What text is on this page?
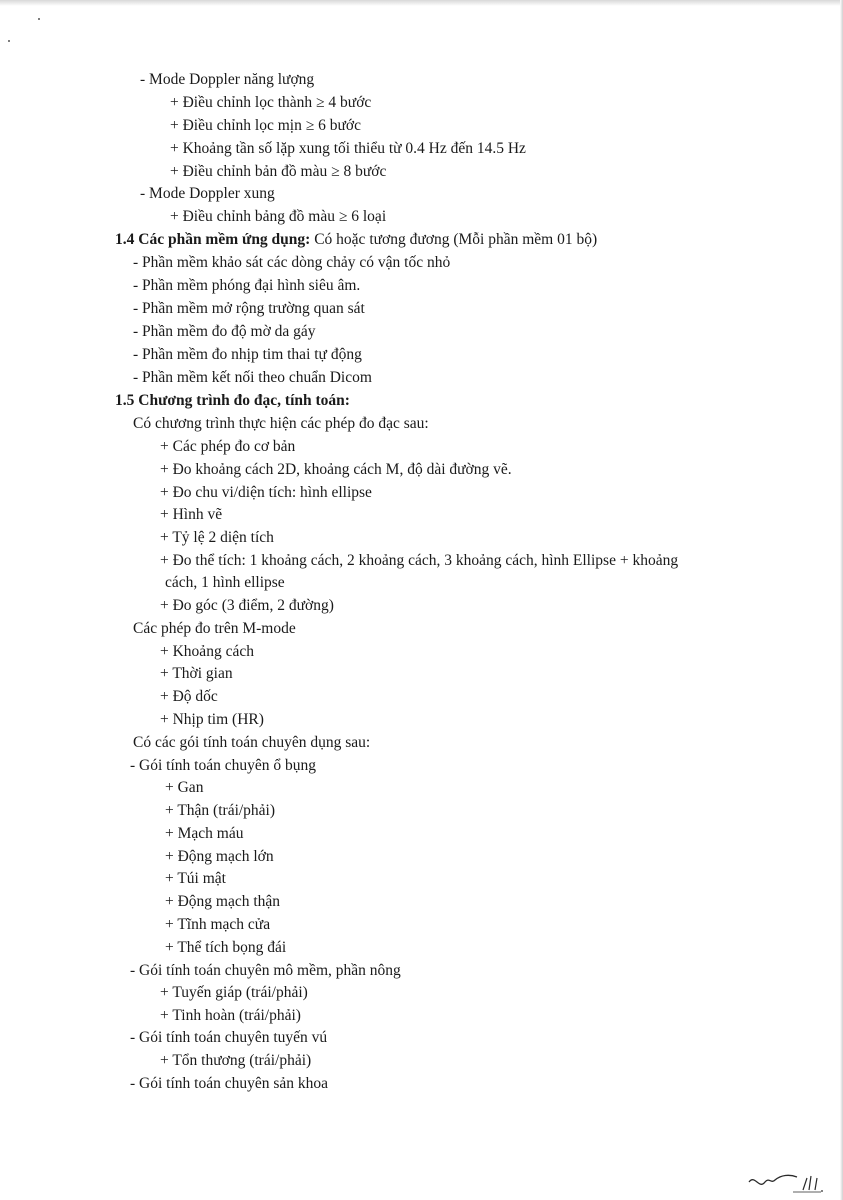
- Mode Doppler năng lượng
+ Điều chỉnh lọc thành ≥ 4 bước
+ Điều chỉnh lọc mịn ≥ 6 bước
+ Khoảng tần số lặp xung tối thiểu từ 0.4 Hz đến 14.5 Hz
+ Điều chỉnh bản đồ màu ≥ 8 bước
- Mode Doppler xung
+ Điều chỉnh bảng đồ màu ≥ 6 loại
1.4 Các phần mềm ứng dụng: Có hoặc tương đương (Mỗi phần mềm 01 bộ)
- Phần mềm khảo sát các dòng chảy có vận tốc nhỏ
- Phần mềm phóng đại hình siêu âm.
- Phần mềm mở rộng trường quan sát
- Phần mềm đo độ mờ da gáy
- Phần mềm đo nhịp tim thai tự động
- Phần mềm kết nối theo chuẩn Dicom
1.5 Chương trình đo đạc, tính toán:
Có chương trình thực hiện các phép đo đạc sau:
+ Các phép đo cơ bản
+ Đo khoảng cách 2D, khoảng cách M, độ dài đường vẽ.
+ Đo chu vi/diện tích: hình ellipse
+ Hình vẽ
+ Tỷ lệ 2 diện tích
+ Đo thể tích: 1 khoảng cách, 2 khoảng cách, 3 khoảng cách, hình Ellipse + khoảng
cách, 1 hình ellipse
+ Đo góc (3 điểm, 2 đường)
Các phép đo trên M-mode
+ Khoảng cách
+ Thời gian
+ Độ dốc
+ Nhịp tim (HR)
Có các gói tính toán chuyên dụng sau:
- Gói tính toán chuyên ổ bụng
+ Gan
+ Thận (trái/phải)
+ Mạch máu
+ Động mạch lớn
+ Túi mật
+ Động mạch thận
+ Tĩnh mạch cửa
+ Thể tích bọng đái
- Gói tính toán chuyên mô mềm, phần nông
+ Tuyến giáp (trái/phải)
+ Tinh hoàn (trái/phải)
- Gói tính toán chuyên tuyến vú
+ Tổn thương (trái/phải)
- Gói tính toán chuyên sản khoa
